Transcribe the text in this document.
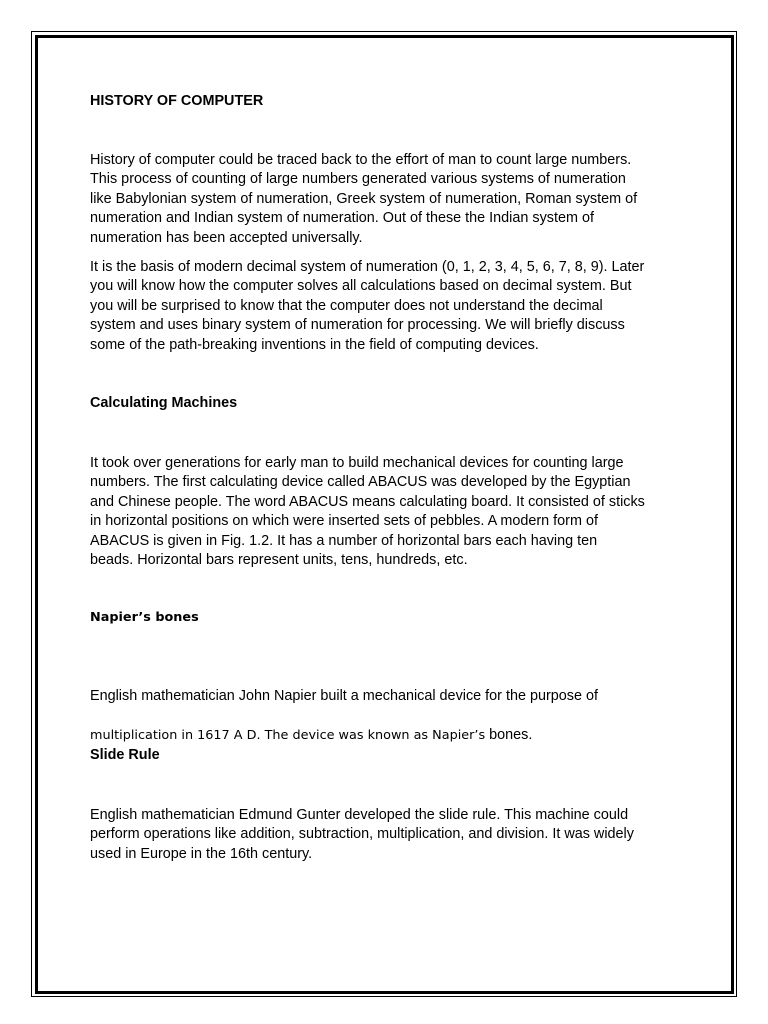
HISTORY OF COMPUTER
History of computer could be traced back to the effort of man to count large numbers.
This process of counting of large numbers generated various systems of numeration
like Babylonian system of numeration, Greek system of numeration, Roman system of
numeration and Indian system of numeration. Out of these the Indian system of
numeration has been accepted universally.
It is the basis of modern decimal system of numeration (0, 1, 2, 3, 4, 5, 6, 7, 8, 9). Later
you will know how the computer solves all calculations based on decimal system. But
you will be surprised to know that the computer does not understand the decimal
system and uses binary system of numeration for processing. We will briefly discuss
some of the path-breaking inventions in the field of computing devices.
Calculating Machines
It took over generations for early man to build mechanical devices for counting large
numbers. The first calculating device called ABACUS was developed by the Egyptian
and Chinese people. The word ABACUS means calculating board. It consisted of sticks
in horizontal positions on which were inserted sets of pebbles. A modern form of
ABACUS is given in Fig. 1.2. It has a number of horizontal bars each having ten
beads. Horizontal bars represent units, tens, hundreds, etc.
Napier’s bones

English mathematician John Napier built a mechanical device for the purpose of

multiplication in 1617 A D. The device was known as Napier’s bones.

Slide Rule
English mathematician Edmund Gunter developed the slide rule. This machine could
perform operations like addition, subtraction, multiplication, and division. It was widely
used in Europe in the 16th century.
